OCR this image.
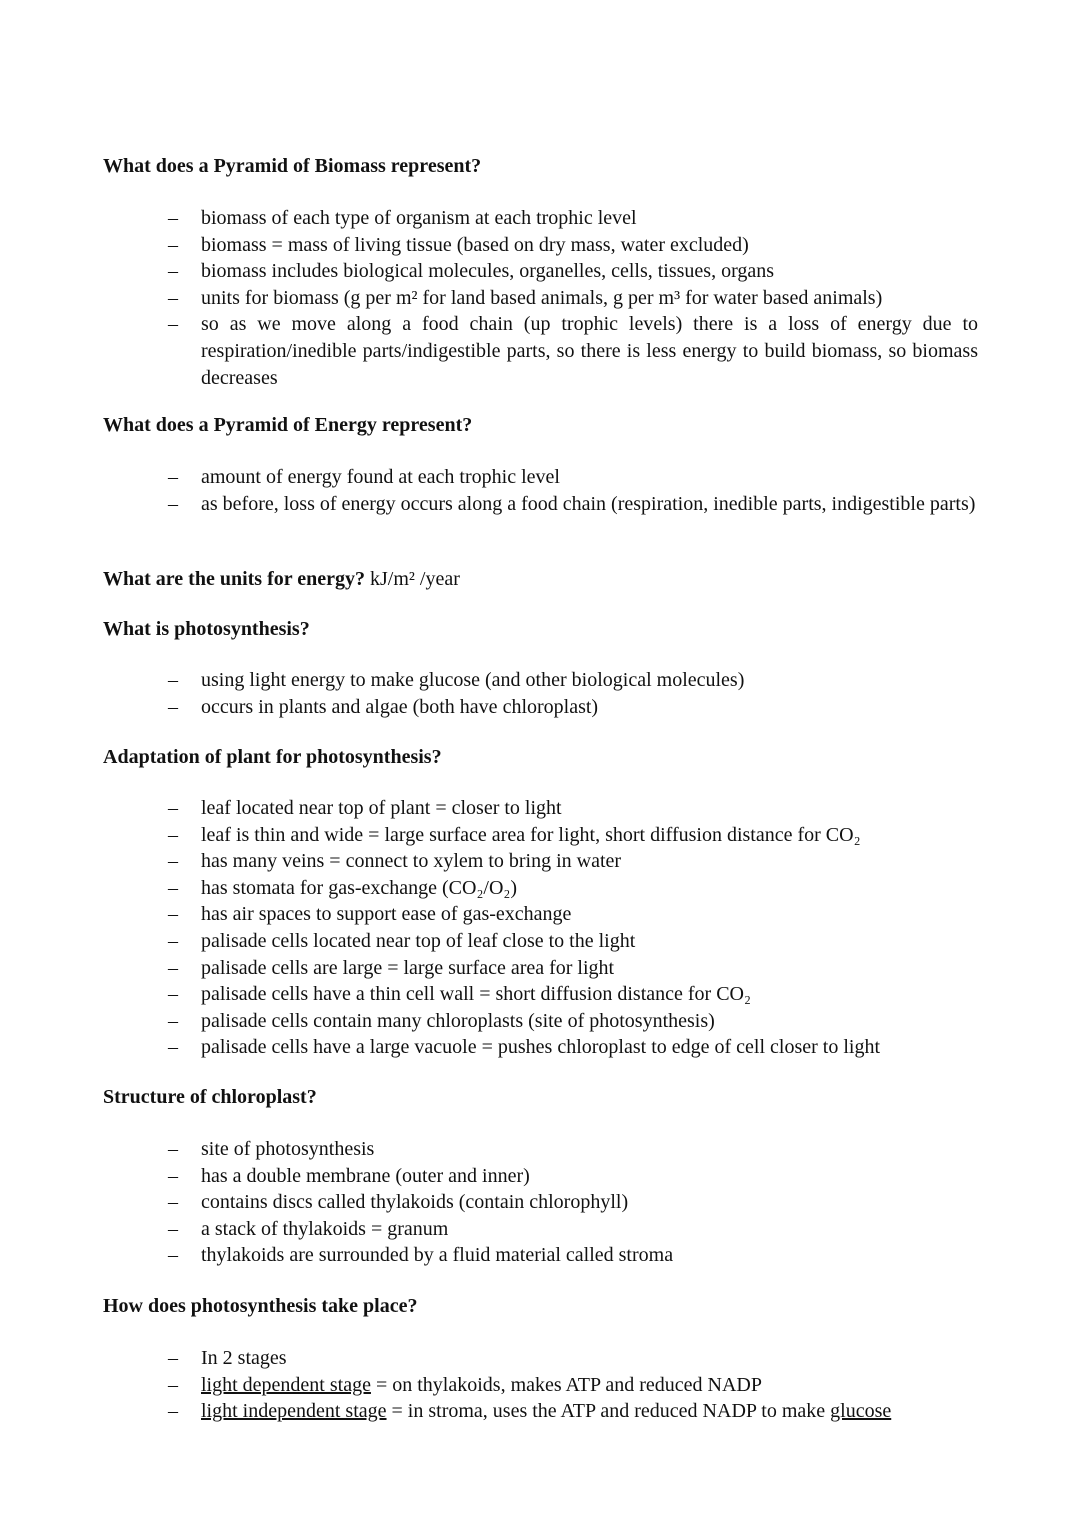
What does a Pyramid of Biomass represent?

– biomass of each type of organism at each trophic level
– biomass = mass of living tissue (based on dry mass, water excluded)
– biomass includes biological molecules, organelles, cells, tissues, organs
– units for biomass (g per m² for land based animals, g per m³ for water based animals)
– so as we move along a food chain (up trophic levels) there is a loss of energy due to respiration/inedible parts/indigestible parts, so there is less energy to build biomass, so biomass decreases

What does a Pyramid of Energy represent?

– amount of energy found at each trophic level
– as before, loss of energy occurs along a food chain (respiration, inedible parts, indigestible parts)

What are the units for energy? kJ/m² /year

What is photosynthesis?

– using light energy to make glucose (and other biological molecules)
– occurs in plants and algae (both have chloroplast)

Adaptation of plant for photosynthesis?

– leaf located near top of plant = closer to light
– leaf is thin and wide = large surface area for light, short diffusion distance for CO₂
– has many veins = connect to xylem to bring in water
– has stomata for gas-exchange (CO₂/O₂)
– has air spaces to support ease of gas-exchange
– palisade cells located near top of leaf close to the light
– palisade cells are large = large surface area for light
– palisade cells have a thin cell wall = short diffusion distance for CO₂
– palisade cells contain many chloroplasts (site of photosynthesis)
– palisade cells have a large vacuole = pushes chloroplast to edge of cell closer to light

Structure of chloroplast?

– site of photosynthesis
– has a double membrane (outer and inner)
– contains discs called thylakoids (contain chlorophyll)
– a stack of thylakoids = granum
– thylakoids are surrounded by a fluid material called stroma

How does photosynthesis take place?

– In 2 stages
– light dependent stage = on thylakoids, makes ATP and reduced NADP
– light independent stage = in stroma, uses the ATP and reduced NADP to make glucose
